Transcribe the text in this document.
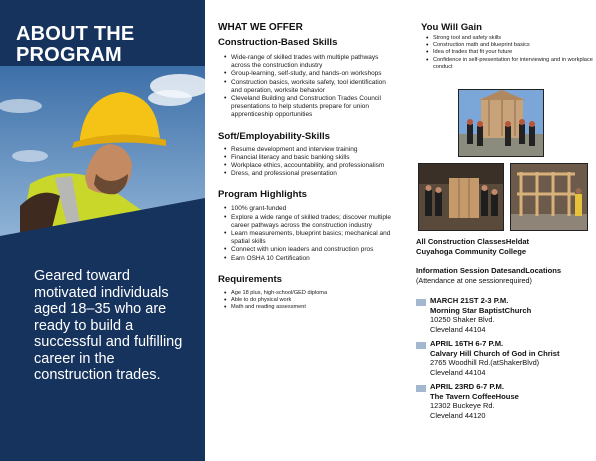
ABOUT THE PROGRAM
Geared toward motivated individuals aged 18–35 who are ready to build a successful and fulfilling career in the construction trades.

WHAT WE OFFER

Construction-Based Skills

• Wide-range of skilled trades with multiple pathways across the construction industry
• Group-learning, self-study, and hands-on workshops
• Construction basics, worksite safety, tool identification and operation, worksite behavior
• Cleveland Building and Construction Trades Council presentations to help students prepare for union apprenticeship opportunities

Soft/Employability-Skills

• Resume development and interview training
• Financial literacy and basic banking skills
• Workplace ethics, accountability, and professionalism
• Dress, and professional presentation

Program Highlights

• 100% grant-funded
• Explore a wide range of skilled trades; discover multiple career pathways across the construction industry
• Learn measurements, blueprint basics; mechanical and spatial skills
• Connect with union leaders and construction pros
• Earn OSHA 10 Certification

Requirements

• Age 18 plus, high-school/GED diploma
• Able to do physical work
• Math and reading assessment

You Will Gain

• Strong tool and safety skills
• Construction math and blueprint basics
• Idea of trades that fit your future
• Confidence in self-presentation for interviewing and in workplace conduct
All Construction ClassesHeldat
Cuyahoga Community College
Information Session DatesandLocations
(Attendance at one sessionrequired)
MARCH 21ST 2-3 P.M.
Morning Star BaptistChurch
10250 Shaker Blvd.
Cleveland 44104
APRIL 16TH 6-7 P.M.
Calvary Hill Church of God in Christ
2765 Woodhill Rd.(atShakerBlvd)
Cleveland 44104
APRIL 23RD 6-7 P.M.
The Tavern CoffeeHouse
12302 Buckeye Rd.
Cleveland 44120
